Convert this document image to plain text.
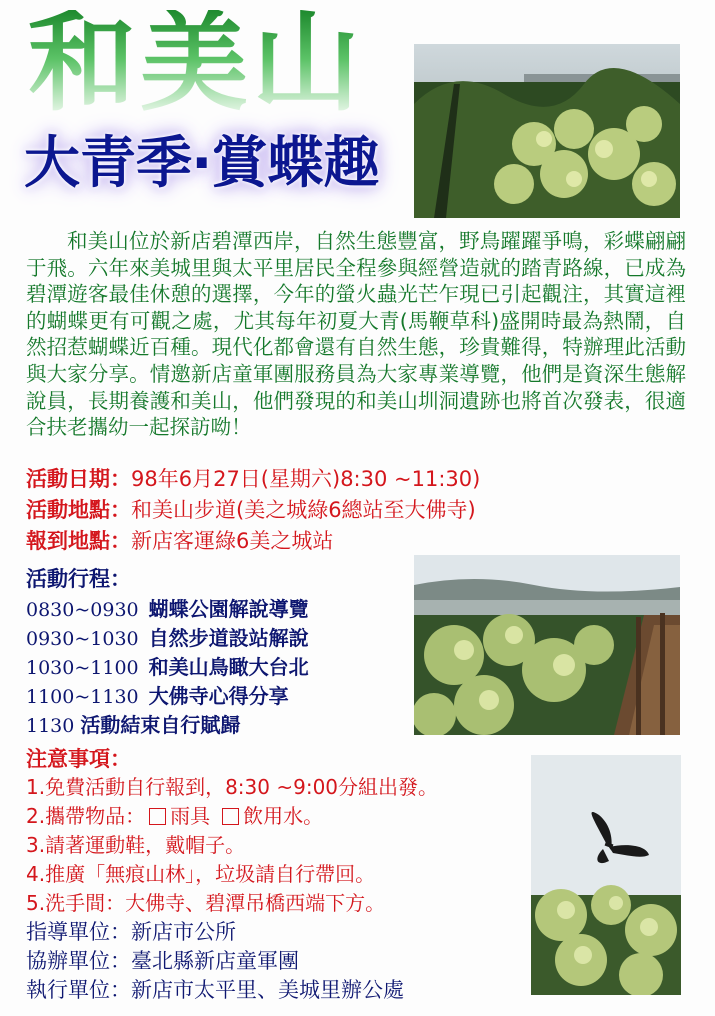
和美山
大青季‧賞蝶趣

和美山位於新店碧潭西岸，自然生態豐富，野鳥躍躍爭鳴，彩蝶翩翩于飛。六年來美城里與太平里居民全程參與經營造就的踏青路線，已成為碧潭遊客最佳休憩的選擇，今年的螢火蟲光芒乍現已引起觀注，其實這裡的蝴蝶更有可觀之處，尤其每年初夏大青(馬鞭草科)盛開時最為熱鬧，自然招惹蝴蝶近百種。現代化都會還有自然生態，珍貴難得，特辦理此活動與大家分享。情邀新店童軍團服務員為大家專業導覽，他們是資深生態解說員，長期養護和美山，他們發現的和美山圳洞遺跡也將首次發表，很適合扶老攜幼一起探訪呦！

活動日期：98年6月27日(星期六)8:30 ~11:30)
活動地點：和美山步道(美之城綠6總站至大佛寺)
報到地點：新店客運綠6美之城站
活動行程：
0830~0930 蝴蝶公園解說導覽
0930~1030 自然步道設站解說
1030~1100 和美山鳥瞰大台北
1100~1130 大佛寺心得分享
1130 活動結束自行賦歸
注意事項：
1.免費活動自行報到，8:30 ~9:00分組出發。
2.攜帶物品： 雨具 飲用水。
3.請著運動鞋，戴帽子。
4.推廣「無痕山林」，垃圾請自行帶回。
5.洗手間：大佛寺、碧潭吊橋西端下方。
指導單位：新店市公所
協辦單位：臺北縣新店童軍團
執行單位：新店市太平里、美城里辦公處
